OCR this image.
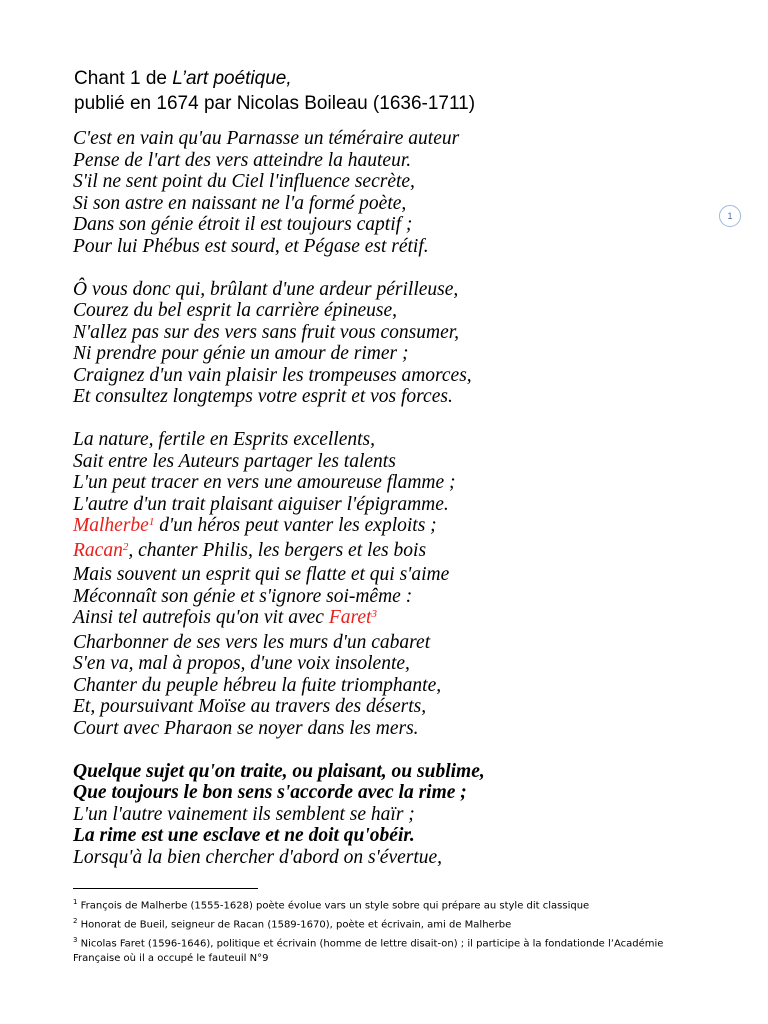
Chant 1 de L’art poétique,
publié en 1674 par Nicolas Boileau (1636-1711)
1
C'est en vain qu'au Parnasse un téméraire auteur
Pense de l'art des vers atteindre la hauteur.
S'il ne sent point du Ciel l'influence secrète,
Si son astre en naissant ne l'a formé poète,
Dans son génie étroit il est toujours captif ;
Pour lui Phébus est sourd, et Pégase est rétif.
Ô vous donc qui, brûlant d'une ardeur périlleuse,
Courez du bel esprit la carrière épineuse,
N'allez pas sur des vers sans fruit vous consumer,
Ni prendre pour génie un amour de rimer ;
Craignez d'un vain plaisir les trompeuses amorces,
Et consultez longtemps votre esprit et vos forces.
La nature, fertile en Esprits excellents,
Sait entre les Auteurs partager les talents
L'un peut tracer en vers une amoureuse flamme ;
L'autre d'un trait plaisant aiguiser l'épigramme.
Malherbe$^1$ d'un héros peut vanter les exploits ;
Racan$^2$, chanter Philis, les bergers et les bois
Mais souvent un esprit qui se flatte et qui s'aime
Méconnaît son génie et s'ignore soi-même :
Ainsi tel autrefois qu'on vit avec Faret$^3$
Charbonner de ses vers les murs d'un cabaret
S'en va, mal à propos, d'une voix insolente,
Chanter du peuple hébreu la fuite triomphante,
Et, poursuivant Moïse au travers des déserts,
Court avec Pharaon se noyer dans les mers.
Quelque sujet qu'on traite, ou plaisant, ou sublime,
Que toujours le bon sens s'accorde avec la rime ;
L'un l'autre vainement ils semblent se haïr ;
La rime est une esclave et ne doit qu'obéir.
Lorsqu'à la bien chercher d'abord on s'évertue,
$^1$ François de Malherbe (1555-1628) poète évolue vars un style sobre qui prépare au style dit classique
$^2$ Honorat de Bueil, seigneur de Racan (1589-1670), poète et écrivain, ami de Malherbe
$^3$ Nicolas Faret (1596-1646), politique et écrivain (homme de lettre disait-on) ; il participe à la fondationde l’Académie
Française où il a occupé le fauteuil N°9
